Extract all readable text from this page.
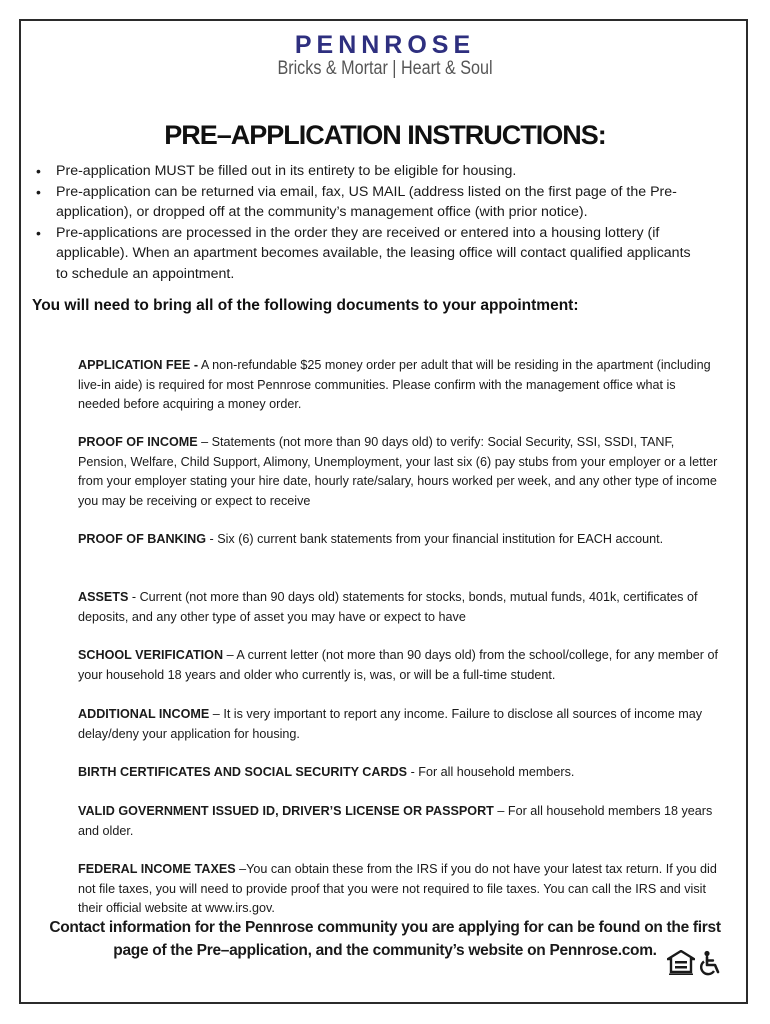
PENNROSE
Bricks & Mortar | Heart & Soul
PRE–APPLICATION INSTRUCTIONS:
• Pre-application MUST be filled out in its entirety to be eligible for housing.
• Pre-application can be returned via email, fax, US MAIL (address listed on the first page of the Pre-application), or dropped off at the community’s management office (with prior notice).
• Pre-applications are processed in the order they are received or entered into a housing lottery (if applicable). When an apartment becomes available, the leasing office will contact qualified applicants to schedule an appointment.
You will need to bring all of the following documents to your appointment:
APPLICATION FEE - A non-refundable $25 money order per adult that will be residing in the apartment (including live-in aide) is required for most Pennrose communities. Please confirm with the management office what is needed before acquiring a money order.
PROOF OF INCOME – Statements (not more than 90 days old) to verify: Social Security, SSI, SSDI, TANF, Pension, Welfare, Child Support, Alimony, Unemployment, your last six (6) pay stubs from your employer or a letter from your employer stating your hire date, hourly rate/salary, hours worked per week, and any other type of income you may be receiving or expect to receive
PROOF OF BANKING - Six (6) current bank statements from your financial institution for EACH account.
ASSETS - Current (not more than 90 days old) statements for stocks, bonds, mutual funds, 401k, certificates of deposits, and any other type of asset you may have or expect to have
SCHOOL VERIFICATION – A current letter (not more than 90 days old) from the school/college, for any member of your household 18 years and older who currently is, was, or will be a full-time student.
ADDITIONAL INCOME – It is very important to report any income. Failure to disclose all sources of income may delay/deny your application for housing.
BIRTH CERTIFICATES AND SOCIAL SECURITY CARDS - For all household members.
VALID GOVERNMENT ISSUED ID, DRIVER’S LICENSE OR PASSPORT – For all household members 18 years and older.
FEDERAL INCOME TAXES –You can obtain these from the IRS if you do not have your latest tax return. If you did not file taxes, you will need to provide proof that you were not required to file taxes. You can call the IRS and visit their official website at www.irs.gov.
Contact information for the Pennrose community you are applying for can be found on the first
page of the Pre–application, and the community’s website on Pennrose.com.
